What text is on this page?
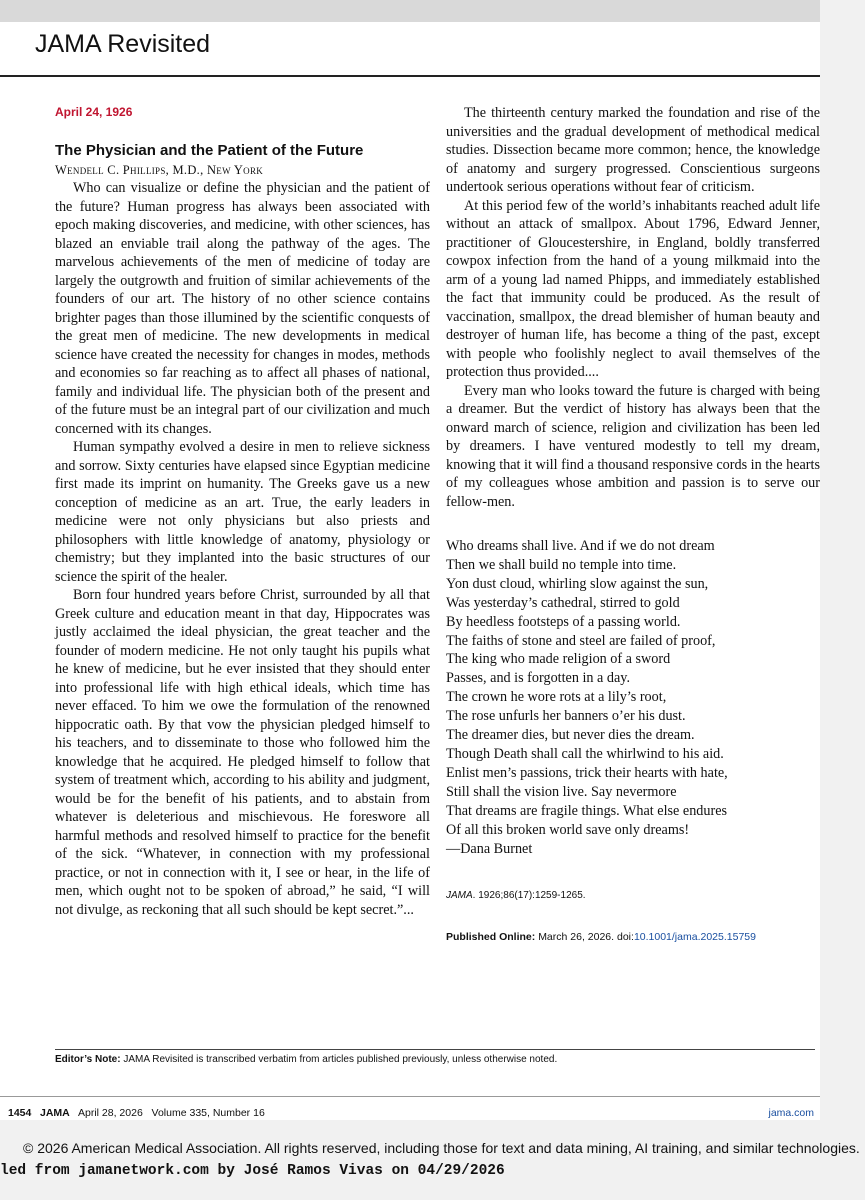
JAMA Revisited
April 24, 1926
The Physician and the Patient of the Future
Wendell C. Phillips, M.D., New York

Who can visualize or define the physician and the patient of the future? Human progress has always been associated with epoch making discoveries, and medicine, with other sciences, has blazed an enviable trail along the pathway of the ages. The marvelous achievements of the men of medicine of today are largely the outgrowth and fruition of similar achievements of the founders of our art. The history of no other science contains brighter pages than those illumined by the scientific conquests of the great men of medicine. The new developments in medical science have created the necessity for changes in modes, methods and economies so far reaching as to affect all phases of national, family and individual life. The physician both of the present and of the future must be an integral part of our civilization and much concerned with its changes.

Human sympathy evolved a desire in men to relieve sickness and sorrow. Sixty centuries have elapsed since Egyptian medicine first made its imprint on humanity. The Greeks gave us a new conception of medicine as an art. True, the early leaders in medicine were not only physicians but also priests and philosophers with little knowledge of anatomy, physiology or chemistry; but they implanted into the basic structures of our science the spirit of the healer.

Born four hundred years before Christ, surrounded by all that Greek culture and education meant in that day, Hippocrates was justly acclaimed the ideal physician, the great teacher and the founder of modern medicine. He not only taught his pupils what he knew of medicine, but he ever insisted that they should enter into professional life with high ethical ideals, which time has never effaced. To him we owe the formulation of the renowned hippocratic oath. By that vow the physician pledged himself to his teachers, and to disseminate to those who followed him the knowledge that he acquired. He pledged himself to follow that system of treatment which, according to his ability and judgment, would be for the benefit of his patients, and to abstain from whatever is deleterious and mischievous. He foreswore all harmful methods and resolved himself to practice for the benefit of the sick. “Whatever, in connection with my professional practice, or not in connection with it, I see or hear, in the life of men, which ought not to be spoken of abroad,” he said, “I will not divulge, as reckoning that all such should be kept secret.”...

The thirteenth century marked the foundation and rise of the universities and the gradual development of methodical medical studies. Dissection became more common; hence, the knowledge of anatomy and surgery progressed. Conscientious surgeons undertook serious operations without fear of criticism.

At this period few of the world’s inhabitants reached adult life without an attack of smallpox. About 1796, Edward Jenner, practitioner of Gloucestershire, in England, boldly transferred cowpox infection from the hand of a young milkmaid into the arm of a young lad named Phipps, and immediately established the fact that immunity could be produced. As the result of vaccination, smallpox, the dread blemisher of human beauty and destroyer of human life, has become a thing of the past, except with people who foolishly neglect to avail themselves of the protection thus provided....

Every man who looks toward the future is charged with being a dreamer. But the verdict of history has always been that the onward march of science, religion and civilization has been led by dreamers. I have ventured modestly to tell my dream, knowing that it will find a thousand responsive cords in the hearts of my colleagues whose ambition and passion is to serve our fellow-men.

Who dreams shall live. And if we do not dream
Then we shall build no temple into time.
Yon dust cloud, whirling slow against the sun,
Was yesterday’s cathedral, stirred to gold
By heedless footsteps of a passing world.
The faiths of stone and steel are failed of proof,
The king who made religion of a sword
Passes, and is forgotten in a day.
The crown he wore rots at a lily’s root,
The rose unfurls her banners o’er his dust.
The dreamer dies, but never dies the dream.
Though Death shall call the whirlwind to his aid.
Enlist men’s passions, trick their hearts with hate,
Still shall the vision live. Say nevermore
That dreams are fragile things. What else endures
Of all this broken world save only dreams!
—Dana Burnet
JAMA. 1926;86(17):1259-1265.
Published Online: March 26, 2026. doi:10.1001/jama.2025.15759
Editor’s Note: JAMA Revisited is transcribed verbatim from articles published previously, unless otherwise noted.
1454 JAMA April 28, 2026   Volume 335, Number 16	jama.com
© 2026 American Medical Association. All rights reserved, including those for text and data mining, AI training, and similar technologies.
led from jamanetwork.com by José Ramos Vivas on 04/29/2026
